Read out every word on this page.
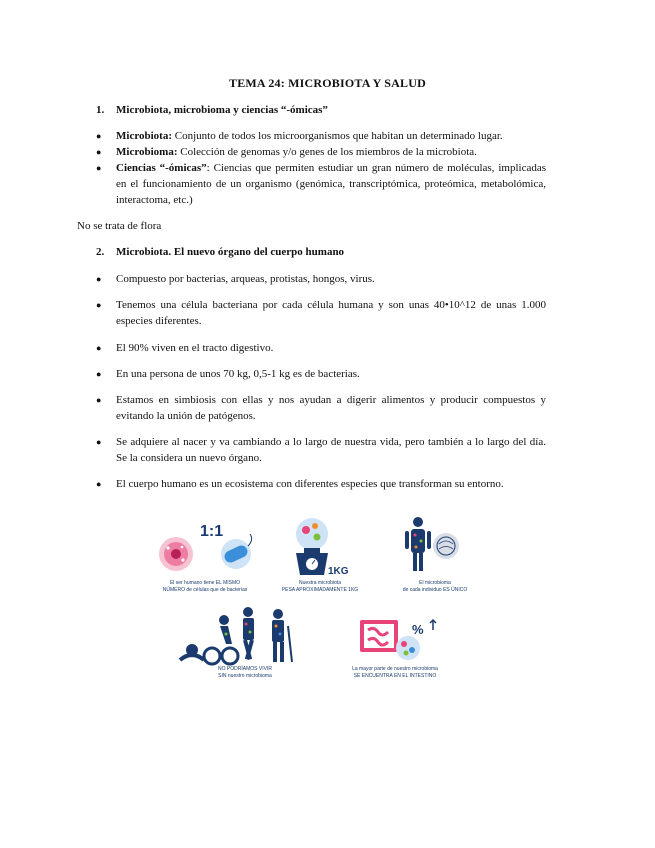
TEMA 24: MICROBIOTA Y SALUD
1. Microbiota, microbioma y ciencias “-ómicas”
● Microbiota: Conjunto de todos los microorganismos que habitan un determinado lugar.
● Microbioma: Colección de genomas y/o genes de los miembros de la microbiota.
● Ciencias “-ómicas”: Ciencias que permiten estudiar un gran número de moléculas, implicadas en el funcionamiento de un organismo (genómica, transcriptómica, proteómica, metabolómica, interactoma, etc.)
No se trata de flora
2. Microbiota. El nuevo órgano del cuerpo humano
● Compuesto por bacterias, arqueas, protistas, hongos, virus.
● Tenemos una célula bacteriana por cada célula humana y son unas 40•10^12 de unas 1.000 especies diferentes.
● El 90% viven en el tracto digestivo.
● En una persona de unos 70 kg, 0,5-1 kg es de bacterias.
● Estamos en simbiosis con ellas y nos ayudan a digerir alimentos y producir compuestos y evitando la unión de patógenos.
● Se adquiere al nacer y va cambiando a lo largo de nuestra vida, pero también a lo largo del día. Se la considera un nuevo órgano.
● El cuerpo humano es un ecosistema con diferentes especies que transforman su entorno.
1:1
1KG
%
El ser humano tiene EL MISMO
NÚMERO de células que de bacterias
Nuestra microbiota
PESA APROXIMADAMENTE 1KG
El microbioma
de cada individuo ES ÚNICO
NO PODRÍAMOS VIVIR
SIN nuestro microbioma
La mayor parte de nuestro microbioma
SE ENCUENTRA EN EL INTESTINO
